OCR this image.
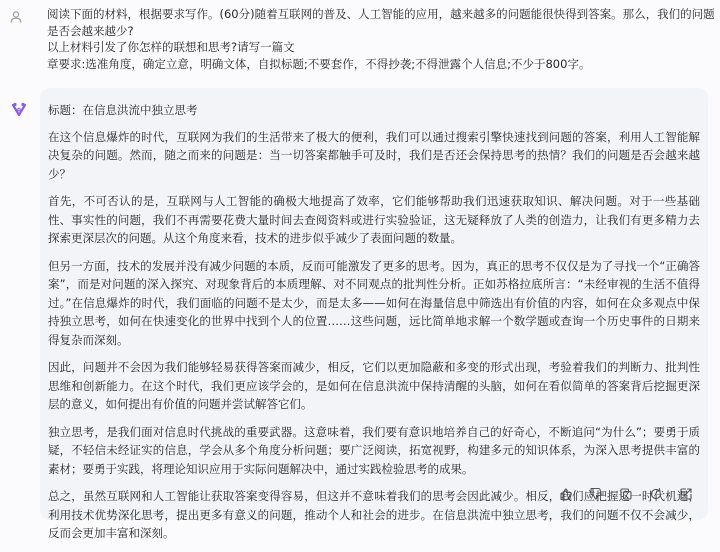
阅读下面的材料，根据要求写作。(60分)随着互联网的普及、人工智能的应用，越来越多的问题能很快得到答案。那么，我们的问题

是否会越来越少?

以上材料引发了你怎样的联想和思考?请写一篇文

章要求:选准角度，确定立意，明确文体，自拟标题;不要套作，不得抄袭;不得泄露个人信息;不少于800字。

标题：在信息洪流中独立思考

在这个信息爆炸的时代，互联网为我们的生活带来了极大的便利，我们可以通过搜索引擎快速找到问题的答案，利用人工智能解决复杂的问题。然而，随之而来的问题是：当一切答案都触手可及时，我们是否还会保持思考的热情？我们的问题是否会越来越少？

首先，不可否认的是，互联网与人工智能的确极大地提高了效率，它们能够帮助我们迅速获取知识、解决问题。对于一些基础性、事实性的问题，我们不再需要花费大量时间去查阅资料或进行实验验证，这无疑释放了人类的创造力，让我们有更多精力去探索更深层次的问题。从这个角度来看，技术的进步似乎减少了表面问题的数量。

但另一方面，技术的发展并没有减少问题的本质，反而可能激发了更多的思考。因为，真正的思考不仅仅是为了寻找一个“正确答案”，而是对问题的深入探究、对现象背后的本质理解、对不同观点的批判性分析。正如苏格拉底所言：“未经审视的生活不值得过。”在信息爆炸的时代，我们面临的问题不是太少，而是太多——如何在海量信息中筛选出有价值的内容，如何在众多观点中保持独立思考，如何在快速变化的世界中找到个人的位置……这些问题，远比简单地求解一个数学题或查询一个历史事件的日期来得复杂而深刻。

因此，问题并不会因为我们能够轻易获得答案而减少，相反，它们以更加隐蔽和多变的形式出现，考验着我们的判断力、批判性思维和创新能力。在这个时代，我们更应该学会的，是如何在信息洪流中保持清醒的头脑，如何在看似简单的答案背后挖掘更深层的意义，如何提出有价值的问题并尝试解答它们。

独立思考，是我们面对信息时代挑战的重要武器。这意味着，我们要有意识地培养自己的好奇心，不断追问“为什么”；要勇于质疑，不轻信未经证实的信息，学会从多个角度分析问题；要广泛阅读，拓宽视野，构建多元的知识体系，为深入思考提供丰富的素材；要勇于实践，将理论知识应用于实际问题解决中，通过实践检验思考的成果。

总之，虽然互联网和人工智能让获取答案变得容易，但这并不意味着我们的思考会因此减少。相反，我们应把握这一时代机遇，利用技术优势深化思考，提出更多有意义的问题，推动个人和社会的进步。在信息洪流中独立思考，我们的问题不仅不会减少，反而会更加丰富和深刻。
